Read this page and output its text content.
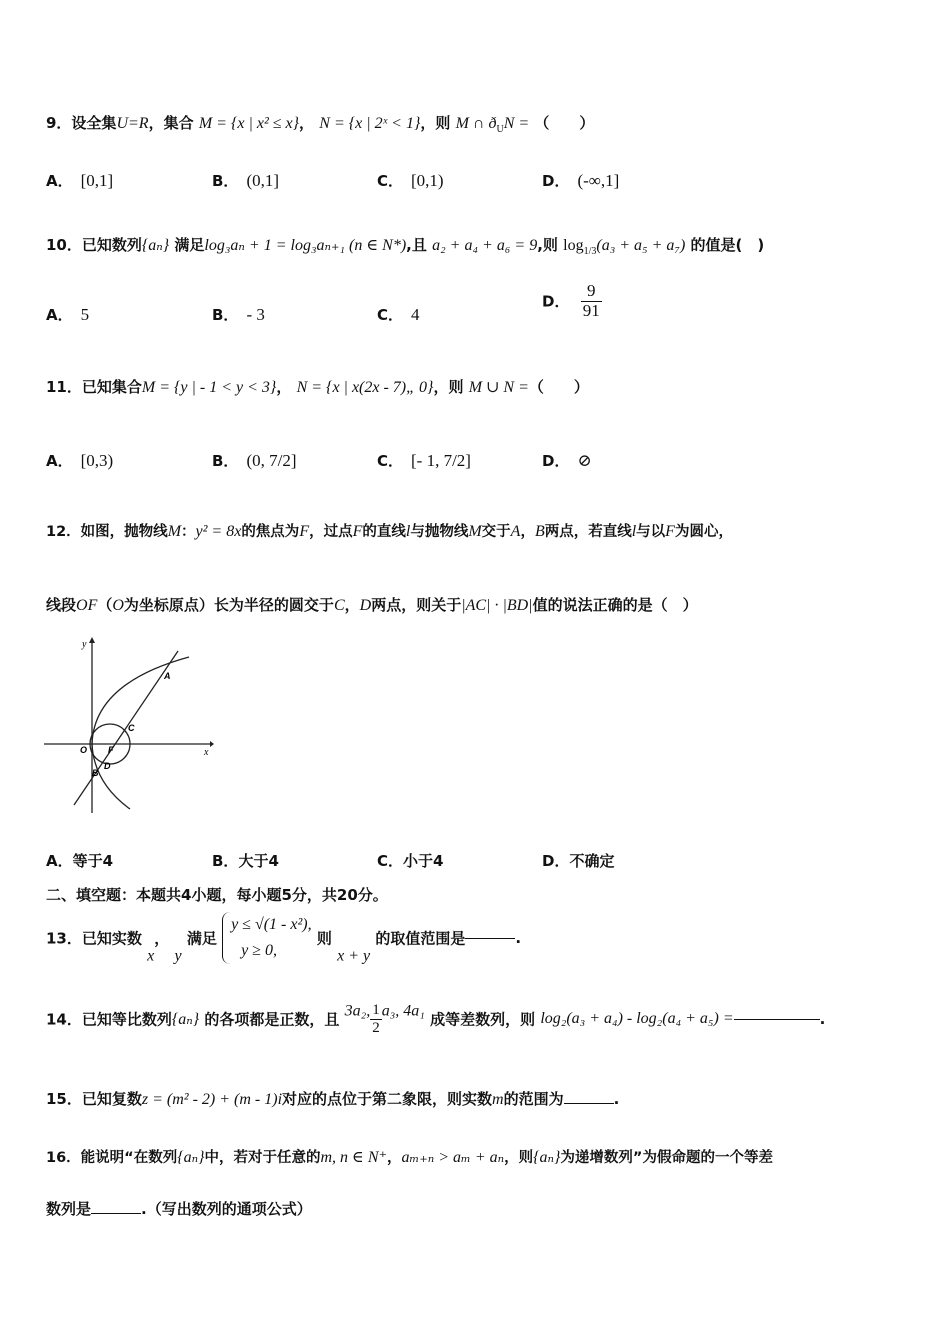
9．设全集U=R，集合 M = {x | x² ≤ x}， N = {x | 2ˣ < 1}，则 M ∩ $ð_UN$ = （　　）
A． [0,1]	B． (0,1]	C． [0,1)	D． (-∞,1]
10．已知数列{aₙ} 满足log₃aₙ + 1 = log₃aₙ₊₁ (n ∈ N*),且 a₂ + a₄ + a₆ = 9,则 $\log_{1/3}(a_3 + a_5 + a_7)$ 的值是(　)
A． 5	B． - 3	C． 4
D． $\frac{9}{91}$
11．已知集合M = {y | - 1 < y < 3}， N = {x | x(2x - 7)„ 0}，则 M ∪ N =（　　）
A． [0,3)	B． (0, 7/2]	C． [- 1, 7/2]	D． ⊘
12．如图，抛物线M：y² = 8x的焦点为F，过点F的直线l与抛物线M交于A，B两点，若直线l与以F为圆心，
线段OF（O为坐标原点）长为半径的圆交于C，D两点，则关于|AC| · |BD|值的说法正确的是（　）
y
x
O F
A
C
D
B
A．等于4	B．大于4	C．小于4	D．不确定
二、填空题：本题共4小题，每小题5分，共20分。
13．已知实数 x， y 满足
y ≤ √(1 - x²),
y ≥ 0,
则 x + y 的取值范围是	.
14．已知等比数列{aₙ} 的各项都是正数，且 3a₂, $\frac{1}{2} a_3$, 4a₁ 成等差数列，则 log₂(a₃ + a₄) - log₂(a₄ + a₅) =	.
15．已知复数z = (m² - 2) + (m - 1)i对应的点位于第二象限，则实数m的范围为	.
16．能说明“在数列{aₙ}中，若对于任意的m, n ∈ N⁺，aₘ₊ₙ > aₘ + aₙ，则{aₙ}为递增数列”为假命题的一个等差
数列是	.（写出数列的通项公式）
